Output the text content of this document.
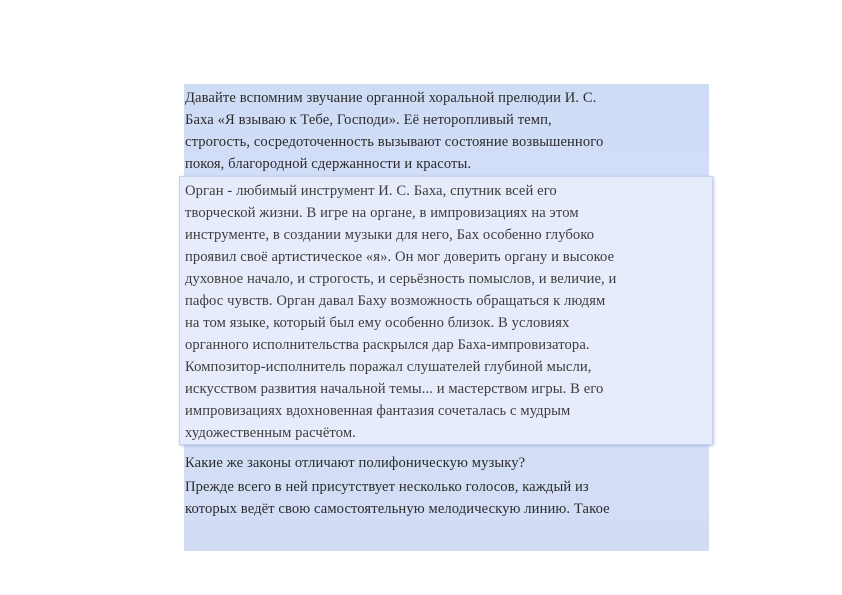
Давайте вспомним звучание органной хоральной прелюдии И. С.
Баха «Я взываю к Тебе, Господи». Её неторопливый темп,
строгость, сосредоточенность вызывают состояние возвышенного
покоя, благородной сдержанности и красоты.

Орган - любимый инструмент И. С. Баха, спутник всей его
творческой жизни. В игре на органе, в импровизациях на этом
инструменте, в создании музыки для него, Бах особенно глубоко
проявил своё артистическое «я». Он мог доверить органу и высокое
духовное начало, и строгость, и серьёзность помыслов, и величие, и
пафос чувств. Орган давал Баху возможность обращаться к людям
на том языке, который был ему особенно близок. В условиях
органного исполнительства раскрылся дар Баха-импровизатора.
Композитор-исполнитель поражал слушателей глубиной мысли,
искусством развития начальной темы... и мастерством игры. В его
импровизациях вдохновенная фантазия сочеталась с мудрым
художественным расчётом.

Какие же законы отличают полифоническую музыку?

Прежде всего в ней присутствует несколько голосов, каждый из
которых ведёт свою самостоятельную мелодическую линию. Такое
